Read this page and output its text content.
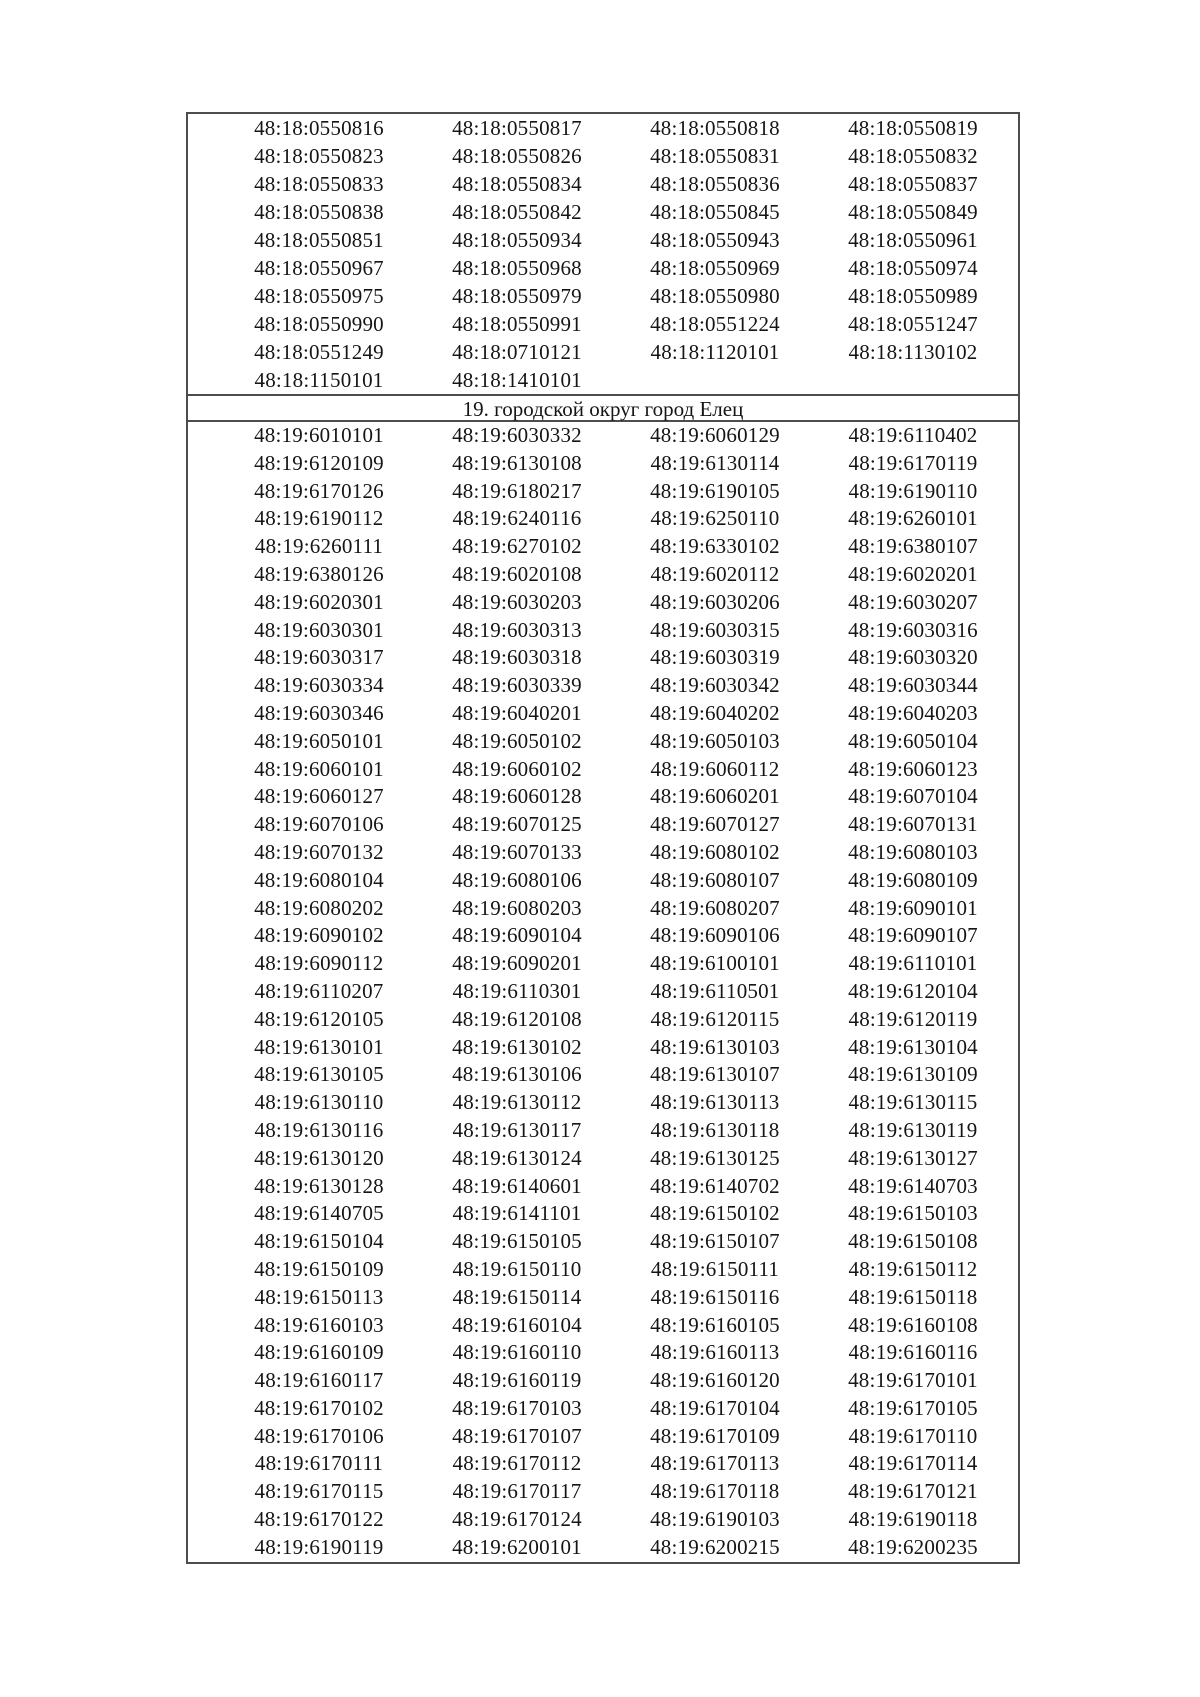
48:18:0550816	48:18:0550817	48:18:0550818	48:18:0550819
48:18:0550823	48:18:0550826	48:18:0550831	48:18:0550832
48:18:0550833	48:18:0550834	48:18:0550836	48:18:0550837
48:18:0550838	48:18:0550842	48:18:0550845	48:18:0550849
48:18:0550851	48:18:0550934	48:18:0550943	48:18:0550961
48:18:0550967	48:18:0550968	48:18:0550969	48:18:0550974
48:18:0550975	48:18:0550979	48:18:0550980	48:18:0550989
48:18:0550990	48:18:0550991	48:18:0551224	48:18:0551247
48:18:0551249	48:18:0710121	48:18:1120101	48:18:1130102
48:18:1150101	48:18:1410101
19. городской округ город Елец
48:19:6010101	48:19:6030332	48:19:6060129	48:19:6110402
48:19:6120109	48:19:6130108	48:19:6130114	48:19:6170119
48:19:6170126	48:19:6180217	48:19:6190105	48:19:6190110
48:19:6190112	48:19:6240116	48:19:6250110	48:19:6260101
48:19:6260111	48:19:6270102	48:19:6330102	48:19:6380107
48:19:6380126	48:19:6020108	48:19:6020112	48:19:6020201
48:19:6020301	48:19:6030203	48:19:6030206	48:19:6030207
48:19:6030301	48:19:6030313	48:19:6030315	48:19:6030316
48:19:6030317	48:19:6030318	48:19:6030319	48:19:6030320
48:19:6030334	48:19:6030339	48:19:6030342	48:19:6030344
48:19:6030346	48:19:6040201	48:19:6040202	48:19:6040203
48:19:6050101	48:19:6050102	48:19:6050103	48:19:6050104
48:19:6060101	48:19:6060102	48:19:6060112	48:19:6060123
48:19:6060127	48:19:6060128	48:19:6060201	48:19:6070104
48:19:6070106	48:19:6070125	48:19:6070127	48:19:6070131
48:19:6070132	48:19:6070133	48:19:6080102	48:19:6080103
48:19:6080104	48:19:6080106	48:19:6080107	48:19:6080109
48:19:6080202	48:19:6080203	48:19:6080207	48:19:6090101
48:19:6090102	48:19:6090104	48:19:6090106	48:19:6090107
48:19:6090112	48:19:6090201	48:19:6100101	48:19:6110101
48:19:6110207	48:19:6110301	48:19:6110501	48:19:6120104
48:19:6120105	48:19:6120108	48:19:6120115	48:19:6120119
48:19:6130101	48:19:6130102	48:19:6130103	48:19:6130104
48:19:6130105	48:19:6130106	48:19:6130107	48:19:6130109
48:19:6130110	48:19:6130112	48:19:6130113	48:19:6130115
48:19:6130116	48:19:6130117	48:19:6130118	48:19:6130119
48:19:6130120	48:19:6130124	48:19:6130125	48:19:6130127
48:19:6130128	48:19:6140601	48:19:6140702	48:19:6140703
48:19:6140705	48:19:6141101	48:19:6150102	48:19:6150103
48:19:6150104	48:19:6150105	48:19:6150107	48:19:6150108
48:19:6150109	48:19:6150110	48:19:6150111	48:19:6150112
48:19:6150113	48:19:6150114	48:19:6150116	48:19:6150118
48:19:6160103	48:19:6160104	48:19:6160105	48:19:6160108
48:19:6160109	48:19:6160110	48:19:6160113	48:19:6160116
48:19:6160117	48:19:6160119	48:19:6160120	48:19:6170101
48:19:6170102	48:19:6170103	48:19:6170104	48:19:6170105
48:19:6170106	48:19:6170107	48:19:6170109	48:19:6170110
48:19:6170111	48:19:6170112	48:19:6170113	48:19:6170114
48:19:6170115	48:19:6170117	48:19:6170118	48:19:6170121
48:19:6170122	48:19:6170124	48:19:6190103	48:19:6190118
48:19:6190119	48:19:6200101	48:19:6200215	48:19:6200235
